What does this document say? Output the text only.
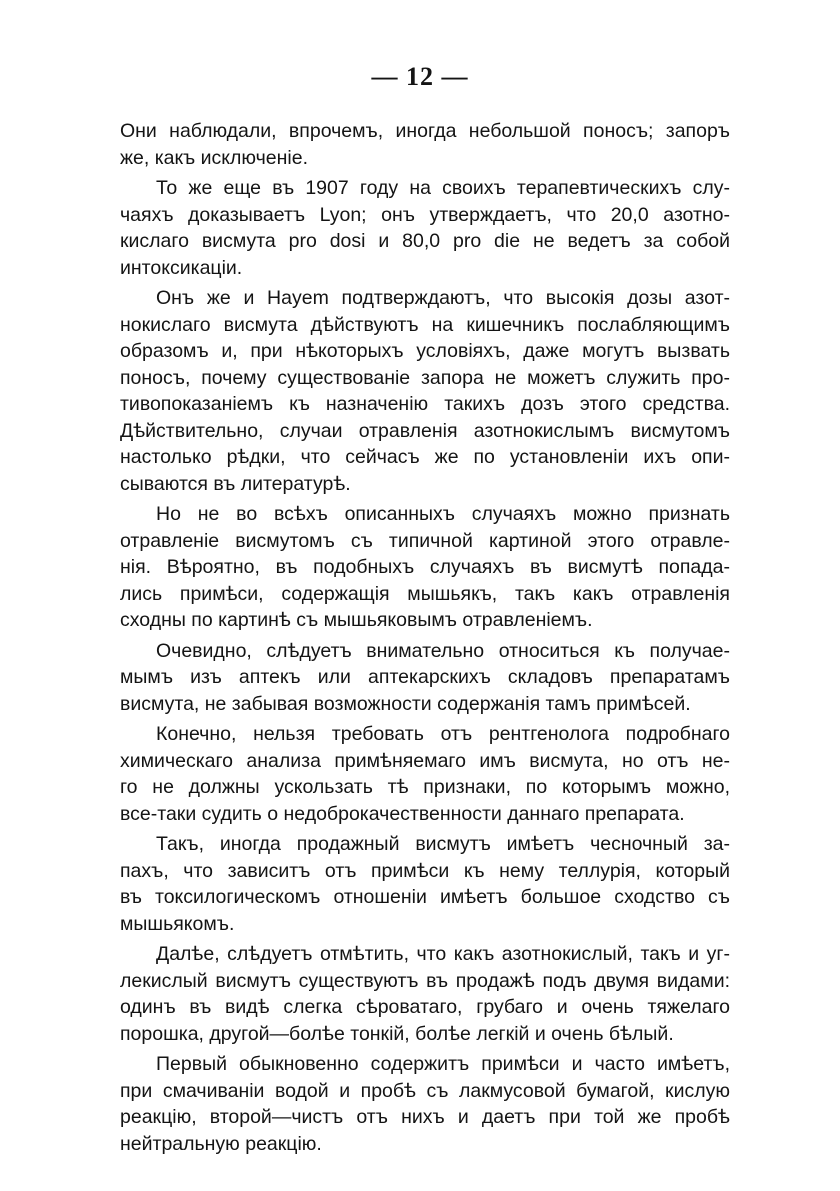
— 12 —
Они наблюдали, впрочемъ, иногда небольшой поносъ; запоръ
же, какъ исключенiе.
То же еще въ 1907 году на своихъ терапевтическихъ слу-
чаяхъ доказываетъ Lyon; онъ утверждаетъ, что 20,0 азотно-
кислаго висмута pro dosi и 80,0 pro die не ведетъ за собой
интоксикацiи.
Онъ же и Hayem подтверждаютъ, что высокiя дозы азот-
нокислаго висмута дѣйствуютъ на кишечникъ послабляющимъ
образомъ и, при нѣкоторыхъ условiяхъ, даже могутъ вызвать
поносъ, почему существованiе запора не можетъ служить про-
тивопоказанiемъ къ назначенiю такихъ дозъ этого средства.
Дѣйствительно, случаи отравленiя азотнокислымъ висмутомъ
настолько рѣдки, что сейчасъ же по установленiи ихъ опи-
сываются въ литературѣ.
Но не во всѣхъ описанныхъ случаяхъ можно признать
отравленiе висмутомъ съ типичной картиной этого отравле-
нiя. Вѣроятно, въ подобныхъ случаяхъ въ висмутѣ попада-
лись примѣси, содержащiя мышьякъ, такъ какъ отравленiя
сходны по картинѣ съ мышьяковымъ отравленiемъ.
Очевидно, слѣдуетъ внимательно относиться къ получае-
мымъ изъ аптекъ или аптекарскихъ складовъ препаратамъ
висмута, не забывая возможности содержанiя тамъ примѣсей.
Конечно, нельзя требовать отъ рентгенолога подробнаго
химическаго анализа примѣняемаго имъ висмута, но отъ не-
го не должны ускользать тѣ признаки, по которымъ можно,
все-таки судить о недоброкачественности даннаго препарата.
Такъ, иногда продажный висмутъ имѣетъ чесночный за-
пахъ, что зависитъ отъ примѣси къ нему теллурiя, который
въ токсилогическомъ отношенiи имѣетъ большое сходство съ
мышьякомъ.
Далѣе, слѣдуетъ отмѣтить, что какъ азотнокислый, такъ и уг-
лекислый висмутъ существуютъ въ продажѣ подъ двумя видами:
одинъ въ видѣ слегка сѣроватаго, грубаго и очень тяжелаго
порошка, другой—болѣе тонкiй, болѣе легкiй и очень бѣлый.
Первый обыкновенно содержитъ примѣси и часто имѣетъ,
при смачиванiи водой и пробѣ съ лакмусовой бумагой, кислую
реакцiю, второй—чистъ отъ нихъ и даетъ при той же пробѣ
нейтральную реакцiю.
